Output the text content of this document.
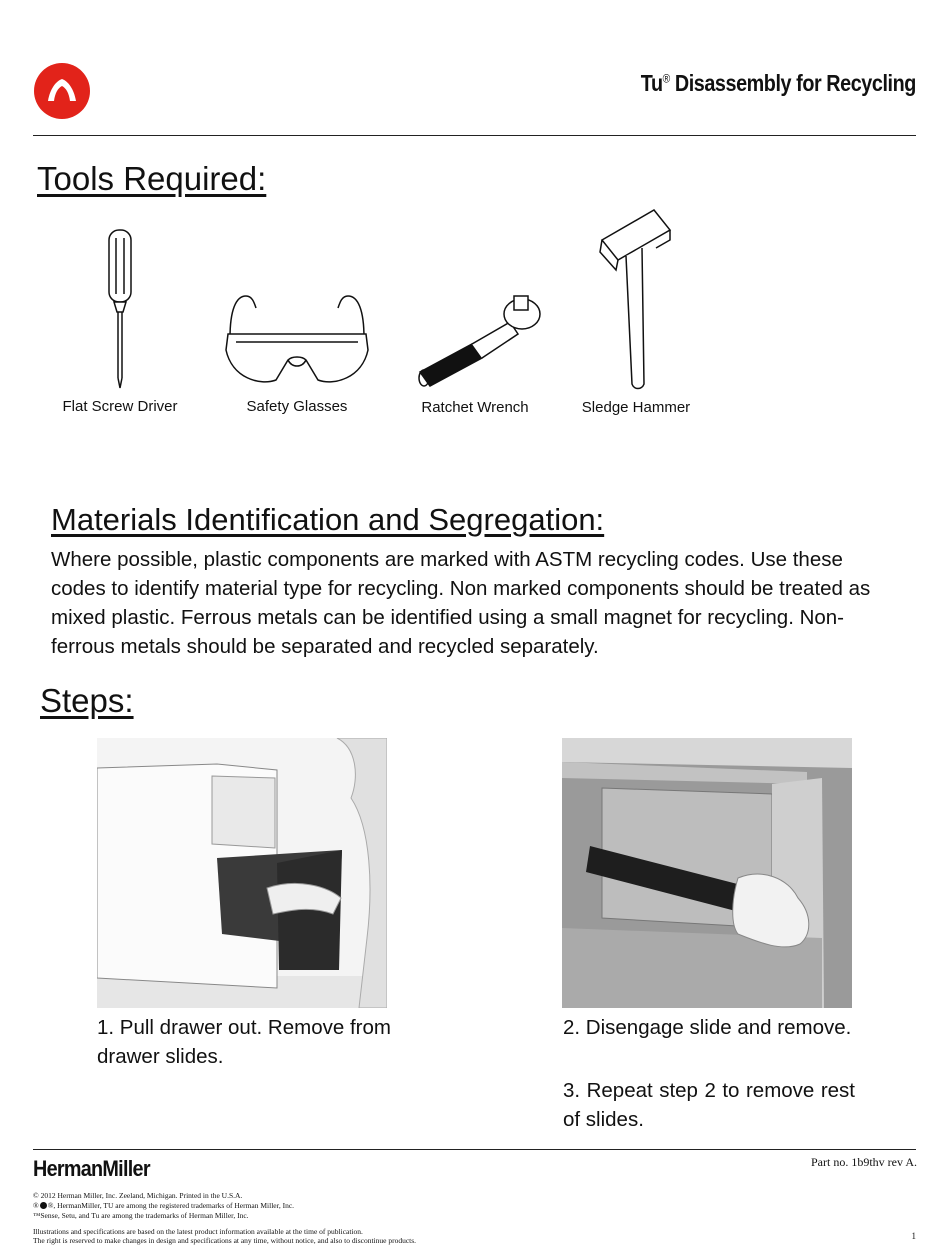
Tu® Disassembly for Recycling
Tools Required:
Flat Screw Driver	Safety Glasses	Ratchet Wrench	Sledge Hammer
Materials Identification and Segregation:
Where possible, plastic components are marked with ASTM recycling codes. Use these codes to identify material type for recycling. Non marked components should be treated as mixed plastic. Ferrous metals can be identified using a small magnet for recycling. Non-ferrous metals should be separated and recycled separately.
Steps:
1. Pull drawer out. Remove from drawer slides.
2. Disengage slide and remove.
3. Repeat step 2 to remove rest of slides.
HermanMiller	Part no. 1b9thv rev A.
© 2012 Herman Miller, Inc. Zeeland, Michigan. Printed in the U.S.A.
® ®, HermanMiller, TU are among the registered trademarks of Herman Miller, Inc.
™Sense, Setu, and Tu are among the trademarks of Herman Miller, Inc.
Illustrations and specifications are based on the latest product information available at the time of publication.
The right is reserved to make changes in design and specifications at any time, without notice, and also to discontinue products.	1
